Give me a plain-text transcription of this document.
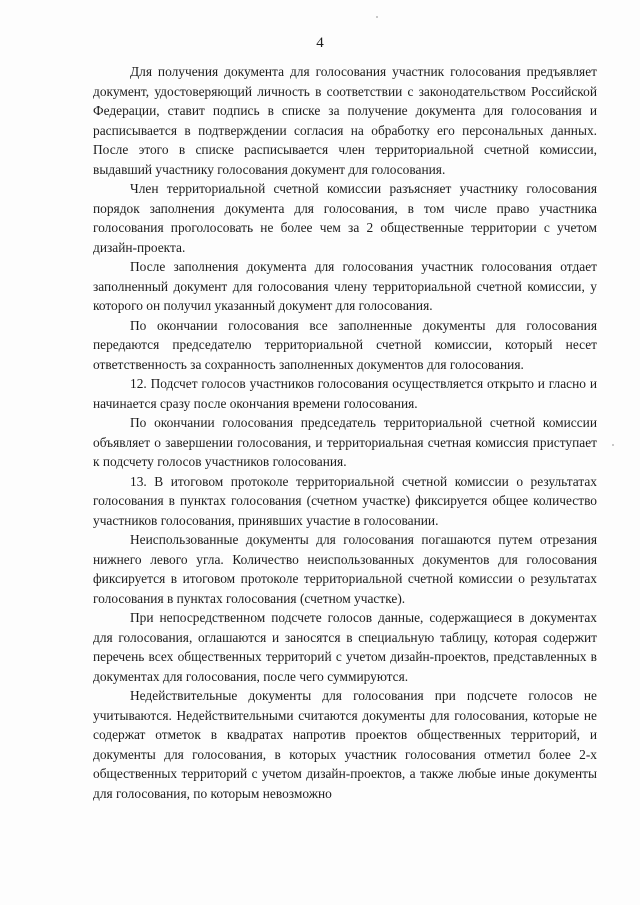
4

Для получения документа для голосования участник голосования предъявляет документ, удостоверяющий личность в соответствии с законодательством Российской Федерации, ставит подпись в списке за получение документа для голосования и расписывается в подтверждении согласия на обработку его персональных данных. После этого в списке расписывается член территориальной счетной комиссии, выдавший участнику голосования документ для голосования.

Член территориальной счетной комиссии разъясняет участнику голосования порядок заполнения документа для голосования, в том числе право участника голосования проголосовать не более чем за 2 общественные территории с учетом дизайн-проекта.

После заполнения документа для голосования участник голосования отдает заполненный документ для голосования члену территориальной счетной комиссии, у которого он получил указанный документ для голосования.

По окончании голосования все заполненные документы для голосования передаются председателю территориальной счетной комиссии, который несет ответственность за сохранность заполненных документов для голосования.

12. Подсчет голосов участников голосования осуществляется открыто и гласно и начинается сразу после окончания времени голосования.

По окончании голосования председатель территориальной счетной комиссии объявляет о завершении голосования, и территориальная счетная комиссия приступает к подсчету голосов участников голосования.

13. В итоговом протоколе территориальной счетной комиссии о результатах голосования в пунктах голосования (счетном участке) фиксируется общее количество участников голосования, принявших участие в голосовании.

Неиспользованные документы для голосования погашаются путем отрезания нижнего левого угла. Количество неиспользованных документов для голосования фиксируется в итоговом протоколе территориальной счетной комиссии о результатах голосования в пунктах голосования (счетном участке).

При непосредственном подсчете голосов данные, содержащиеся в документах для голосования, оглашаются и заносятся в специальную таблицу, которая содержит перечень всех общественных территорий с учетом дизайн-проектов, представленных в документах для голосования, после чего суммируются.

Недействительные документы для голосования при подсчете голосов не учитываются. Недействительными считаются документы для голосования, которые не содержат отметок в квадратах напротив проектов общественных территорий, и документы для голосования, в которых участник голосования отметил более 2-х общественных территорий с учетом дизайн-проектов, а также любые иные документы для голосования, по которым невозможно
